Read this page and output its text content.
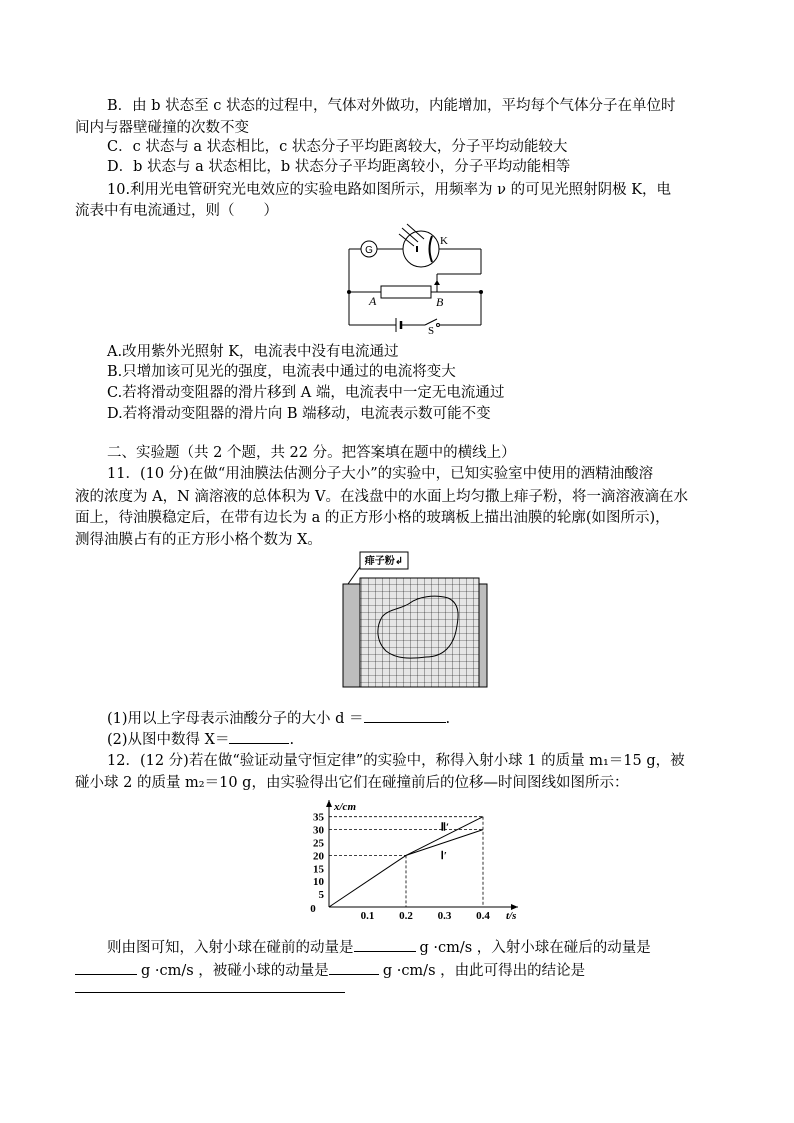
B．由 b 状态至 c 状态的过程中，气体对外做功，内能增加，平均每个气体分子在单位时
间内与器壁碰撞的次数不变
C．c 状态与 a 状态相比，c 状态分子平均距离较大，分子平均动能较大
D．b 状态与 a 状态相比，b 状态分子平均距离较小，分子平均动能相等
10.利用光电管研究光电效应的实验电路如图所示，用频率为 ν 的可见光照射阴极 K，电
流表中有电流通过，则（　　）
G
K
A	B
S
A.改用紫外光照射 K，电流表中没有电流通过
B.只增加该可见光的强度，电流表中通过的电流将变大
C.若将滑动变阻器的滑片移到 A 端，电流表中一定无电流通过
D.若将滑动变阻器的滑片向 B 端移动，电流表示数可能不变
二、实验题（共 2 个题，共 22 分。把答案填在题中的横线上）
11．(10 分)在做“用油膜法估测分子大小”的实验中，已知实验室中使用的酒精油酸溶
液的浓度为 A，N 滴溶液的总体积为 V。在浅盘中的水面上均匀撒上痱子粉，将一滴溶液滴在水
面上，待油膜稳定后，在带有边长为 a 的正方形小格的玻璃板上描出油膜的轮廓(如图所示)，
测得油膜占有的正方形小格个数为 X。
痱子粉↲
(1)用以上字母表示油酸分子的大小 d ＝	.
(2)从图中数得 X＝	.
12．(12 分)若在做“验证动量守恒定律”的实验中，称得入射小球 1 的质量 m₁＝15 g，被
碰小球 2 的质量 m₂＝10 g，由实验得出它们在碰撞前后的位移—时间图线如图所示：
Ⅱ′
Ⅰ′
0.1 0.2 0.3 0.4
5
10
15
20
25
30
35
0
t/s
x/cm
则由图可知，入射小球在碰前的动量是	g ·cm/s ，入射小球在碰后的动量是
g ·cm/s ，被碰小球的动量是	g ·cm/s ，由此可得出的结论是
